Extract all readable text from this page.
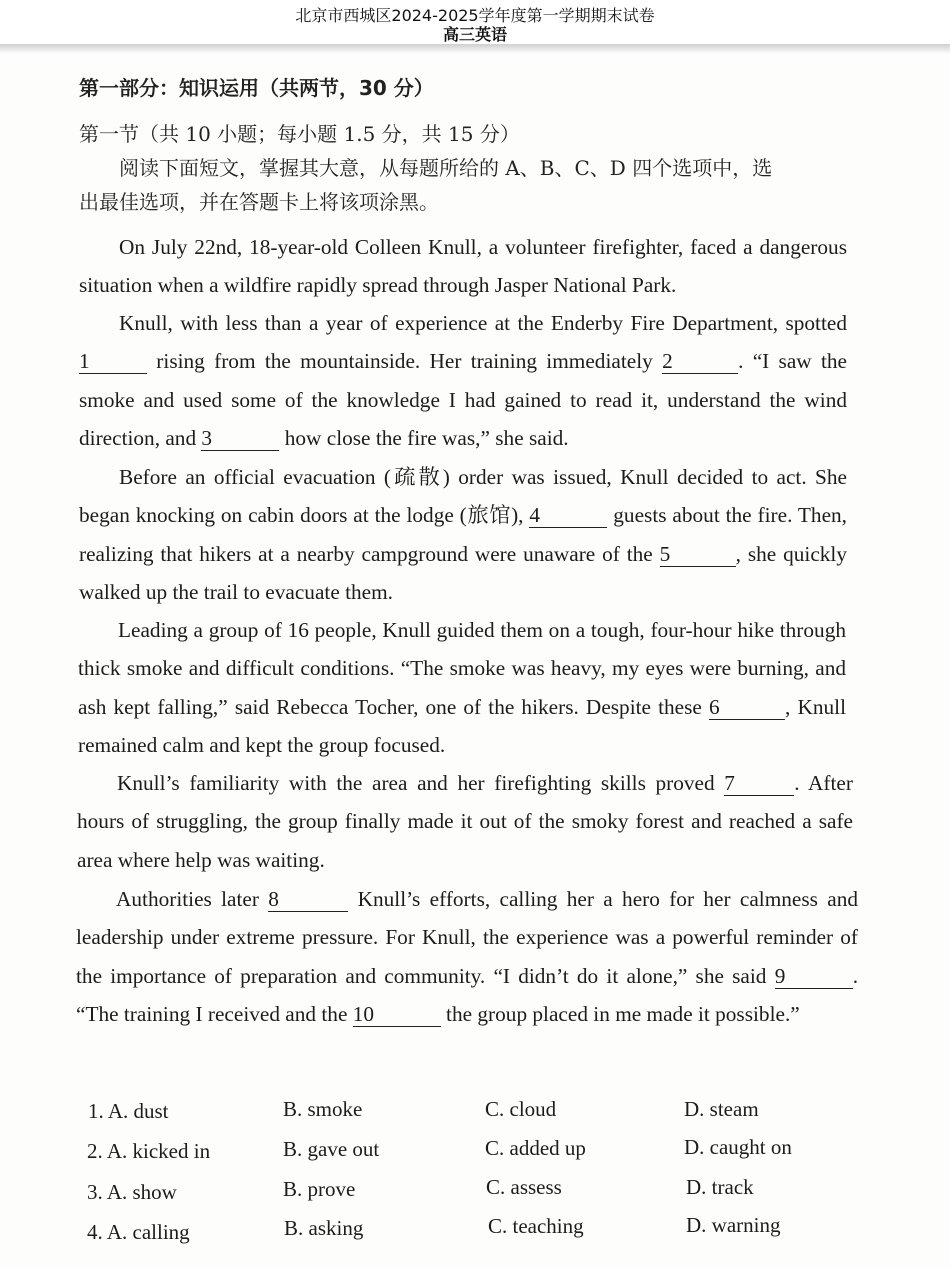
北京市西城区2024-2025学年度第一学期期末试卷
高三英语
第一部分：知识运用（共两节，30 分）
第一节（共 10 小题；每小题 1.5 分，共 15 分）
阅读下面短文，掌握其大意，从每题所给的 A、B、C、D 四个选项中，选
出最佳选项，并在答题卡上将该项涂黑。
On July 22nd, 18-year-old Colleen Knull, a volunteer firefighter, faced a dangerous situation when a wildfire rapidly spread through Jasper National Park.
Knull, with less than a year of experience at the Enderby Fire Department, spotted 1	rising from the mountainside. Her training immediately 2	. “I saw the smoke and used some of the knowledge I had gained to read it, understand the wind direction, and 3	how close the fire was,” she said.
Before an official evacuation (疏散) order was issued, Knull decided to act. She began knocking on cabin doors at the lodge (旅馆), 4	guests about the fire. Then, realizing that hikers at a nearby campground were unaware of the 5	, she quickly walked up the trail to evacuate them.
Leading a group of 16 people, Knull guided them on a tough, four-hour hike through thick smoke and difficult conditions. “The smoke was heavy, my eyes were burning, and ash kept falling,” said Rebecca Tocher, one of the hikers. Despite these 6	, Knull remained calm and kept the group focused.
Knull’s familiarity with the area and her firefighting skills proved 7	. After hours of struggling, the group finally made it out of the smoky forest and reached a safe area where help was waiting.
Authorities later 8	Knull’s efforts, calling her a hero for her calmness and leadership under extreme pressure. For Knull, the experience was a powerful reminder of the importance of preparation and community. “I didn’t do it alone,” she said 9	. “The training I received and the 10	the group placed in me made it possible.”
1. A. dust	B. smoke	C. cloud	D. steam
2. A. kicked in	B. gave out	C. added up	D. caught on
3. A. show	B. prove	C. assess	D. track
4. A. calling	B. asking	C. teaching	D. warning
